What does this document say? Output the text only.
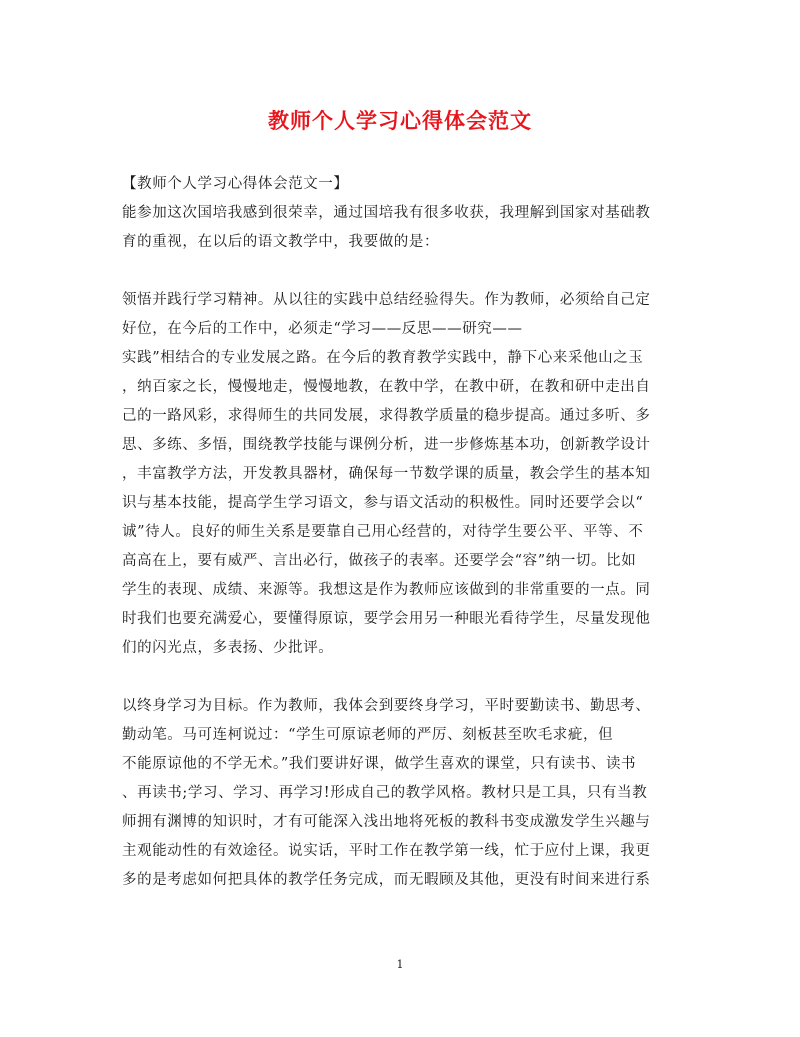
教师个人学习心得体会范文
【教师个人学习心得体会范文一】
能参加这次国培我感到很荣幸，通过国培我有很多收获，我理解到国家对基础教
育的重视，在以后的语文教学中，我要做的是：
领悟并践行学习精神。从以往的实践中总结经验得失。作为教师，必须给自己定
好位，在今后的工作中，必须走“学习——反思——研究——
实践”相结合的专业发展之路。在今后的教育教学实践中，静下心来采他山之玉
，纳百家之长，慢慢地走，慢慢地教，在教中学，在教中研，在教和研中走出自
己的一路风彩，求得师生的共同发展，求得教学质量的稳步提高。通过多听、多
思、多练、多悟，围绕教学技能与课例分析，进一步修炼基本功，创新教学设计
，丰富教学方法，开发教具器材，确保每一节数学课的质量，教会学生的基本知
识与基本技能，提高学生学习语文，参与语文活动的积极性。同时还要学会以“
诚”待人。良好的师生关系是要靠自己用心经营的，对待学生要公平、平等、不
高高在上，要有威严、言出必行，做孩子的表率。还要学会“容”纳一切。比如
学生的表现、成绩、来源等。我想这是作为教师应该做到的非常重要的一点。同
时我们也要充满爱心，要懂得原谅，要学会用另一种眼光看待学生，尽量发现他
们的闪光点，多表扬、少批评。
以终身学习为目标。作为教师，我体会到要终身学习，平时要勤读书、勤思考、
勤动笔。马可连柯说过：“学生可原谅老师的严厉、刻板甚至吹毛求疵，但
不能原谅他的不学无术。”我们要讲好课，做学生喜欢的课堂，只有读书、读书
、再读书;学习、学习、再学习!形成自己的教学风格。教材只是工具，只有当教
师拥有渊博的知识时，才有可能深入浅出地将死板的教科书变成激发学生兴趣与
主观能动性的有效途径。说实话，平时工作在教学第一线，忙于应付上课，我更
多的是考虑如何把具体的教学任务完成，而无暇顾及其他，更没有时间来进行系
1
